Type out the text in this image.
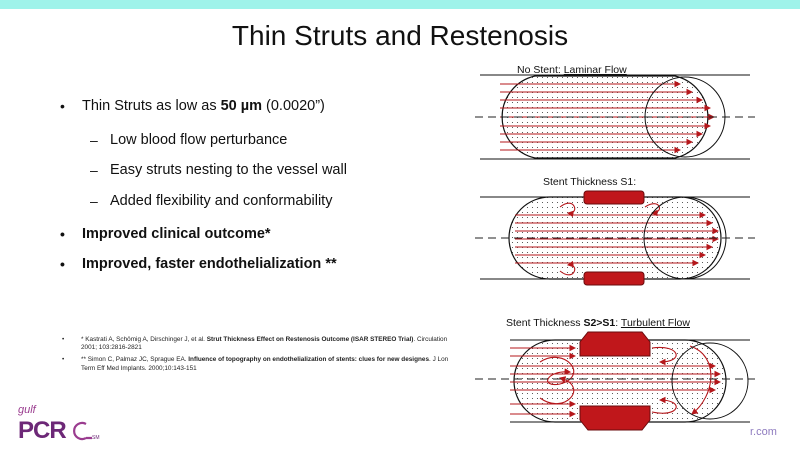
Thin Struts and Restenosis
• Thin Struts as low as 50 µm (0.0020”)
– Low blood flow perturbance
– Easy struts nesting to the vessel wall
– Added flexibility and conformability
• Improved clinical outcome*
• Improved, faster endothelialization **
•	* Kastrati A, Schömig A, Dirschinger J, et al. Strut Thickness Effect on Restenosis Outcome (ISAR STEREO Trial). Circulation 2001; 103:2816-2821
•	** Simon C, Palmaz JC, Sprague EA. Influence of topography on endothelialization of stents: clues for new designes. J Lon Term Eff Med Implants. 2000;10:143-151
No Stent: Laminar Flow
Stent Thickness S1:
Stent Thickness S2>S1: Turbulent Flow
gulf
PCR	SM	r.com
